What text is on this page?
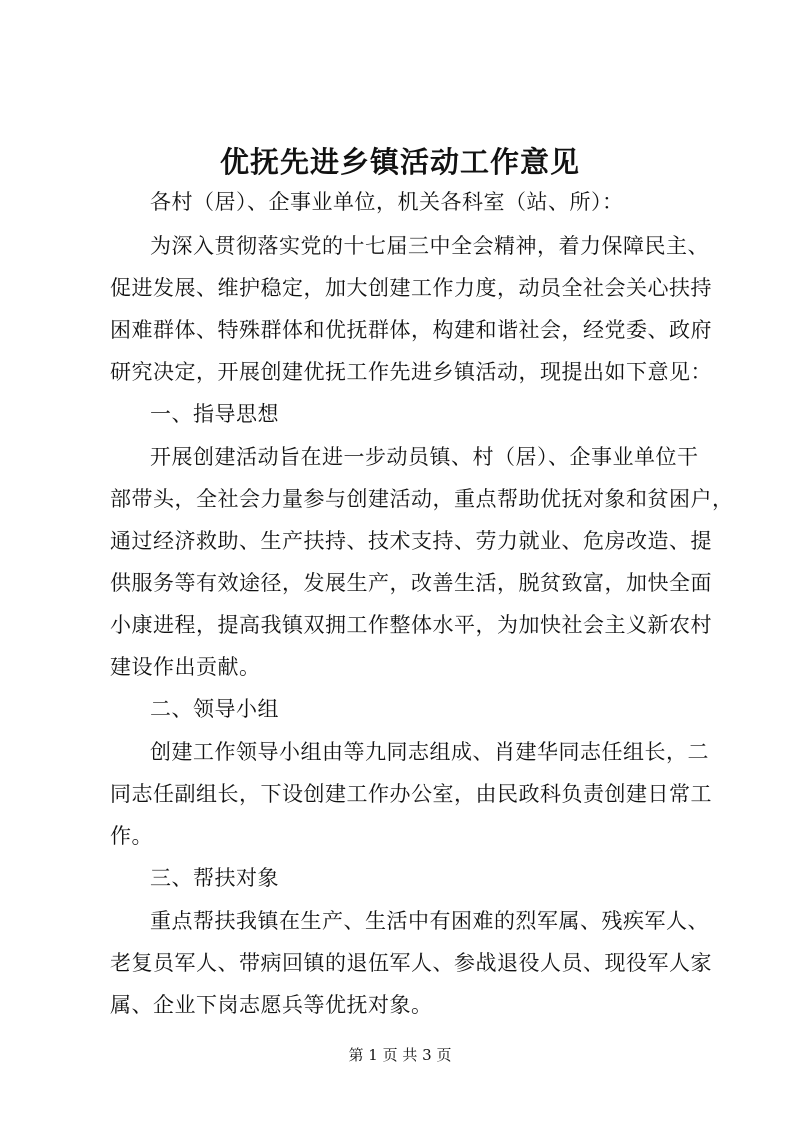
优抚先进乡镇活动工作意见
各村（居）、企事业单位，机关各科室（站、所）：
为深入贯彻落实党的十七届三中全会精神，着力保障民主、
促进发展、维护稳定，加大创建工作力度，动员全社会关心扶持
困难群体、特殊群体和优抚群体，构建和谐社会，经党委、政府
研究决定，开展创建优抚工作先进乡镇活动，现提出如下意见：
一、指导思想
开展创建活动旨在进一步动员镇、村（居）、企事业单位干
部带头，全社会力量参与创建活动，重点帮助优抚对象和贫困户，
通过经济救助、生产扶持、技术支持、劳力就业、危房改造、提
供服务等有效途径，发展生产，改善生活，脱贫致富，加快全面
小康进程，提高我镇双拥工作整体水平，为加快社会主义新农村
建设作出贡献。
二、领导小组
创建工作领导小组由等九同志组成、肖建华同志任组长，二
同志任副组长，下设创建工作办公室，由民政科负责创建日常工
作。
三、帮扶对象
重点帮扶我镇在生产、生活中有困难的烈军属、残疾军人、
老复员军人、带病回镇的退伍军人、参战退役人员、现役军人家
属、企业下岗志愿兵等优抚对象。
第 1 页 共 3 页
